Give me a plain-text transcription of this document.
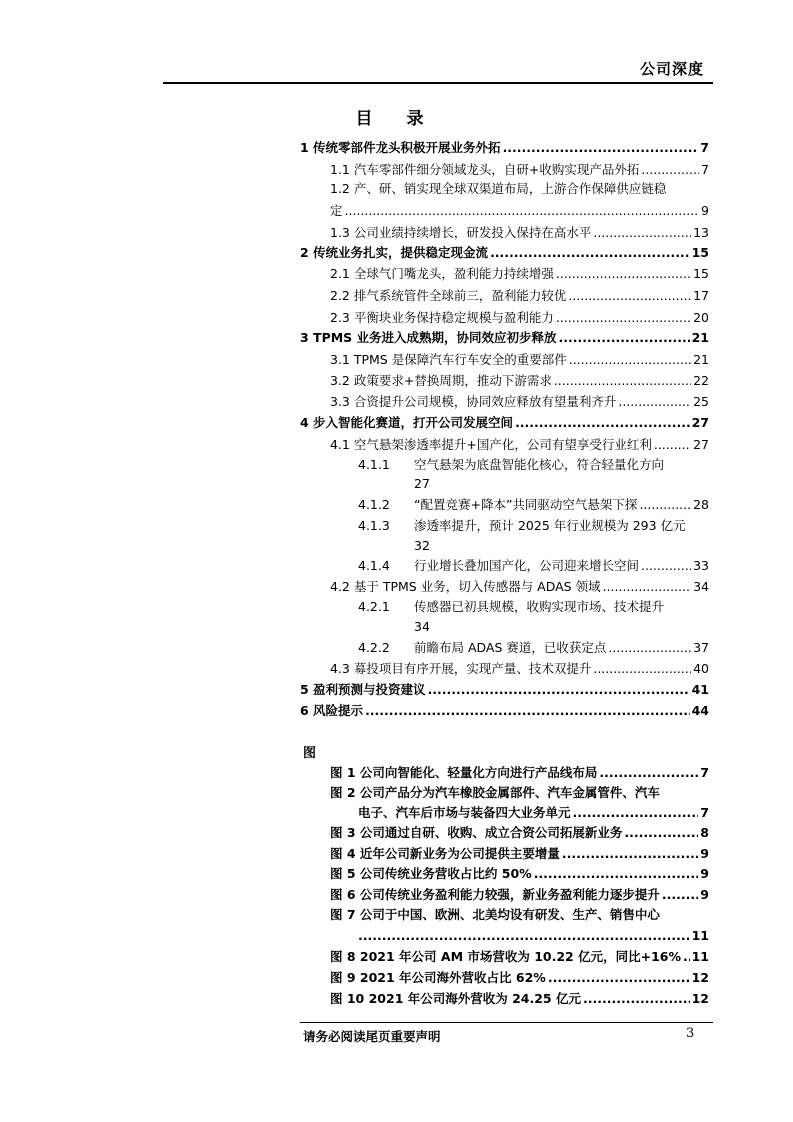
公司深度
目 录
1 传统零部件龙头积极开展业务外拓 .....	7
1.1 汽车零部件细分领域龙头，自研+收购实现产品外拓 .....	7
1.2 产、研、销实现全球双渠道布局，上游合作保障供应链稳
定 .....	9
1.3 公司业绩持续增长，研发投入保持在高水平 .....	13
2 传统业务扎实，提供稳定现金流 .....	15
2.1 全球气门嘴龙头，盈利能力持续增强 .....	15
2.2 排气系统管件全球前三，盈利能力较优 .....	17
2.3 平衡块业务保持稳定规模与盈利能力 .....	20
3 TPMS 业务进入成熟期，协同效应初步释放 .....	21
3.1 TPMS 是保障汽车行车安全的重要部件 .....	21
3.2 政策要求+替换周期，推动下游需求 .....	22
3.3 合资提升公司规模，协同效应释放有望量利齐升 .....	25
4 步入智能化赛道，打开公司发展空间 .....	27
4.1 空气悬架渗透率提升+国产化，公司有望享受行业红利 .....	27
4.1.1 空气悬架为底盘智能化核心，符合轻量化方向
27
4.1.2 “配置竞赛+降本”共同驱动空气悬架下探 .....	28
4.1.3 渗透率提升，预计 2025 年行业规模为 293 亿元
32
4.1.4 行业增长叠加国产化，公司迎来增长空间 .....	33
4.2 基于 TPMS 业务，切入传感器与 ADAS 领域 .....	34
4.2.1 传感器已初具规模，收购实现市场、技术提升
34
4.2.2 前瞻布局 ADAS 赛道，已收获定点 .....	37
4.3 募投项目有序开展，实现产量、技术双提升 .....	40
5 盈利预测与投资建议 .....	41
6 风险提示 .....	44
图
图 1 公司向智能化、轻量化方向进行产品线布局 .....	7
图 2 公司产品分为汽车橡胶金属部件、汽车金属管件、汽车
电子、汽车后市场与装备四大业务单元 .....	7
图 3 公司通过自研、收购、成立合资公司拓展新业务 .....	8
图 4 近年公司新业务为公司提供主要增量 .....	9
图 5 公司传统业务营收占比约 50% .....	9
图 6 公司传统业务盈利能力较强，新业务盈利能力逐步提升 .....	9
图 7 公司于中国、欧洲、北美均设有研发、生产、销售中心
.....
11
图 8 2021 年公司 AM 市场营收为 10.22 亿元，同比+16% ..... 11
图 9 2021 年公司海外营收占比 62% .....	12
图 10 2021 年公司海外营收为 24.25 亿元 .....	12
请务必阅读尾页重要声明	3
